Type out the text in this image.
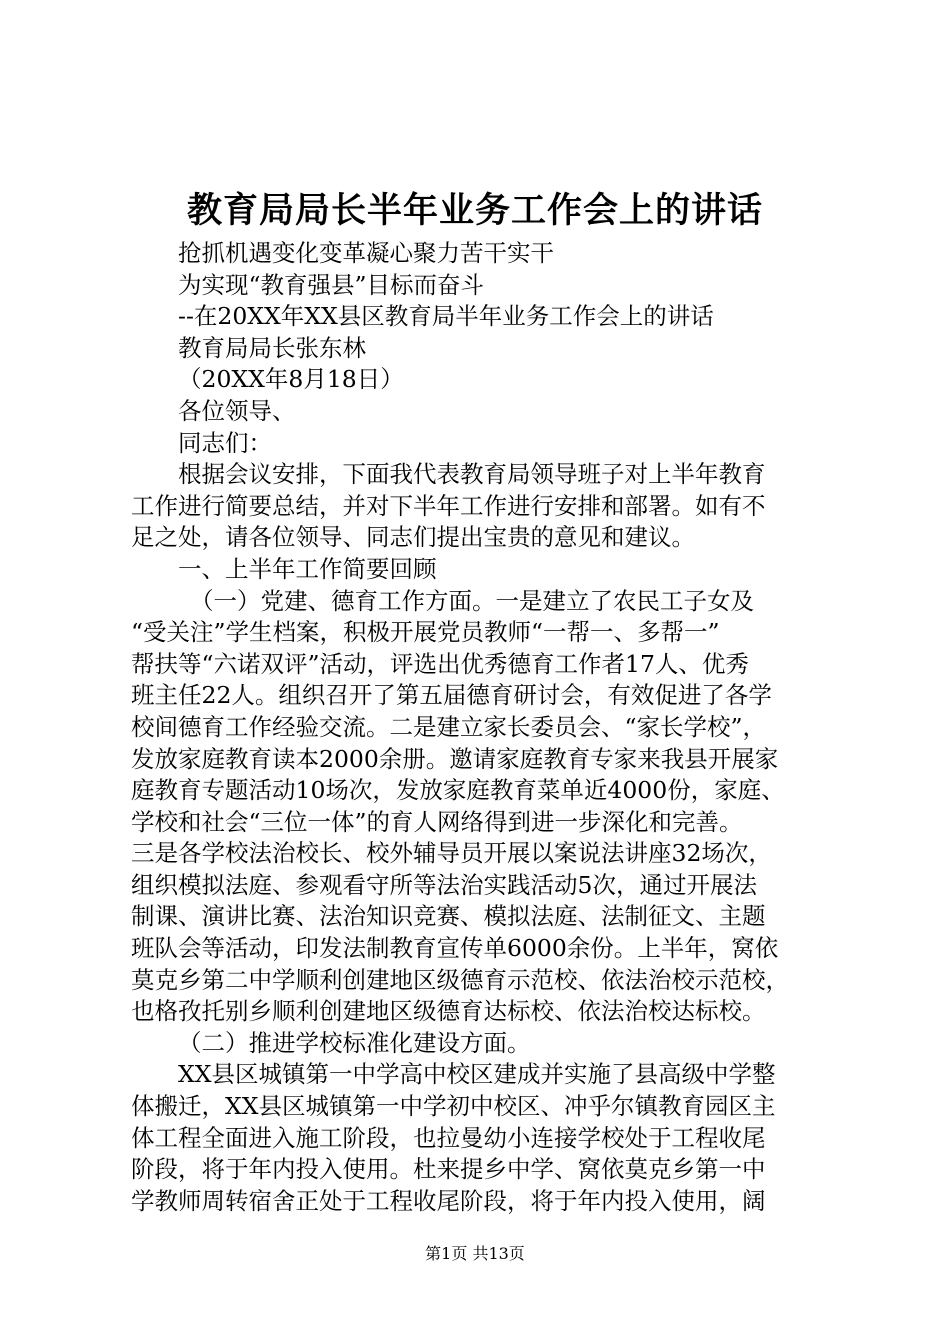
教育局局长半年业务工作会上的讲话

抢抓机遇变化变革凝心聚力苦干实干

为实现“教育强县”目标而奋斗

--在20XX年XX县区教育局半年业务工作会上的讲话

教育局局长张东林

（20XX年8月18日）

各位领导、

同志们：

根据会议安排，下面我代表教育局领导班子对上半年教育

工作进行简要总结，并对下半年工作进行安排和部署。如有不

足之处，请各位领导、同志们提出宝贵的意见和建议。

一、上半年工作简要回顾

（一）党建、德育工作方面。一是建立了农民工子女及

“受关注”学生档案，积极开展党员教师“一帮一、多帮一”

帮扶等“六诺双评”活动，评选出优秀德育工作者17人、优秀

班主任22人。组织召开了第五届德育研讨会，有效促进了各学

校间德育工作经验交流。二是建立家长委员会、“家长学校”，

发放家庭教育读本2000余册。邀请家庭教育专家来我县开展家

庭教育专题活动10场次，发放家庭教育菜单近4000份，家庭、

学校和社会“三位一体”的育人网络得到进一步深化和完善。

三是各学校法治校长、校外辅导员开展以案说法讲座32场次，

组织模拟法庭、参观看守所等法治实践活动5次，通过开展法

制课、演讲比赛、法治知识竞赛、模拟法庭、法制征文、主题

班队会等活动，印发法制教育宣传单6000余份。上半年，窝依

莫克乡第二中学顺利创建地区级德育示范校、依法治校示范校，

也格孜托别乡顺利创建地区级德育达标校、依法治校达标校。

（二）推进学校标准化建设方面。

XX县区城镇第一中学高中校区建成并实施了县高级中学整

体搬迁，XX县区城镇第一中学初中校区、冲乎尔镇教育园区主

体工程全面进入施工阶段，也拉曼幼小连接学校处于工程收尾

阶段，将于年内投入使用。杜来提乡中学、窝依莫克乡第一中

学教师周转宿舍正处于工程收尾阶段，将于年内投入使用，阔

第1页 共13页
